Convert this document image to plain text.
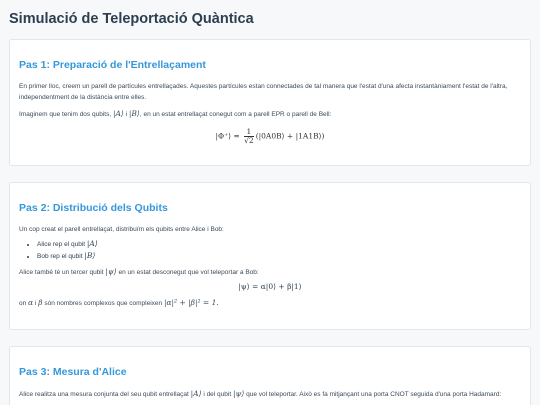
Simulació de Teleportació Quàntica
Pas 1: Preparació de l'Entrellaçament

En primer lloc, creem un parell de partícules entrellaçades. Aquestes partícules estan connectades de tal manera que l'estat d'una afecta instantàniament l'estat de l'altra, independentment de la distància entre elles.

Imaginem que tenim dos qubits, |A⟩ i |B⟩, en un estat entrellaçat conegut com a parell EPR o parell de Bell:

|Φ⁺⟩ = $\frac{1}{√2}$ (|0A0B⟩ + |1A1B⟩)
Pas 2: Distribució dels Qubits

Un cop creat el parell entrellaçat, distribuïm els qubits entre Alice i Bob:

• Alice rep el qubit |A⟩
• Bob rep el qubit |B⟩

Alice també té un tercer qubit |ψ⟩ en un estat desconegut que vol teleportar a Bob:

|ψ⟩ = α|0⟩ + β|1⟩

on α i β són nombres complexos que compleixen |α|² + |β|² = 1.

Pas 3: Mesura d'Alice

Alice realitza una mesura conjunta del seu qubit entrellaçat |A⟩ i del qubit |ψ⟩ que vol teleportar. Això es fa mitjançant una porta CNOT seguida d'una porta Hadamard:
